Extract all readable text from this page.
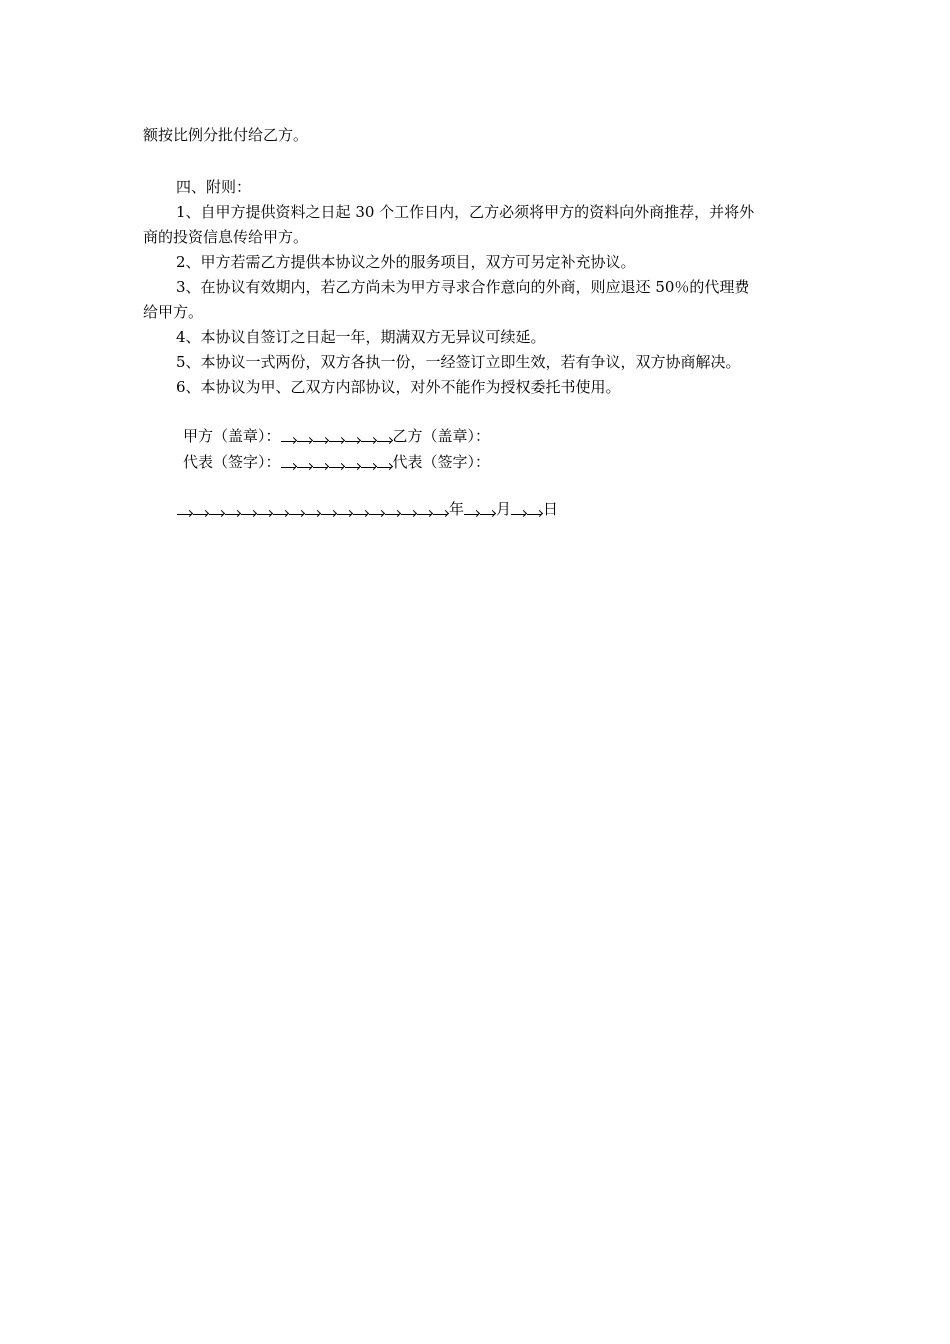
额按比例分批付给乙方。
四、附则：
1、自甲方提供资料之日起 30 个工作日内，乙方必须将甲方的资料向外商推荐，并将外
商的投资信息传给甲方。
2、甲方若需乙方提供本协议之外的服务项目，双方可另定补充协议。
3、在协议有效期内，若乙方尚未为甲方寻求合作意向的外商，则应退还 50％的代理费
给甲方。
4、本协议自签订之日起一年，期满双方无异议可续延。
5、本协议一式两份，双方各执一份，一经签订立即生效，若有争议，双方协商解决。
6、本协议为甲、乙双方内部协议，对外不能作为授权委托书使用。
甲方（盖章）：	乙方（盖章）：
代表（签字）：	代表（签字）：
年 月 日
